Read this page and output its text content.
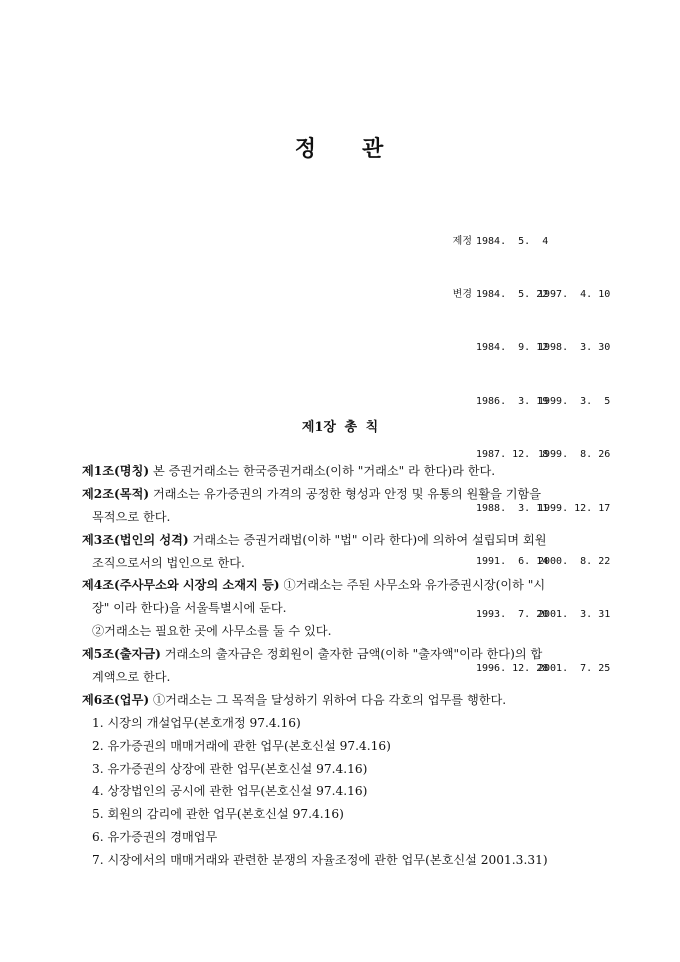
정 관

제정 1984.  5.  4

변경 1984.  5. 221997.  4. 10

1984.  9. 121998.  3. 30

1986.  3. 191999.  3.  5

1987. 12.  81999.  8. 26

1988.  3. 111999. 12. 17

1991.  6. 142000.  8. 22

1993.  7. 202001.  3. 31

1996. 12. 282001.  7. 25

제1장 총 칙
제1조(명칭) 본 증권거래소는 한국증권거래소(이하 "거래소" 라 한다)라 한다.
제2조(목적) 거래소는 유가증권의 가격의 공정한 형성과 안정 및 유통의 원활을 기함을
목적으로 한다.
제3조(법인의 성격) 거래소는 증권거래법(이하 "법" 이라 한다)에 의하여 설립되며 회원
조직으로서의 법인으로 한다.
제4조(주사무소와 시장의 소재지 등) ①거래소는 주된 사무소와 유가증권시장(이하 "시
장" 이라 한다)을 서울특별시에 둔다.
②거래소는 필요한 곳에 사무소를 둘 수 있다.
제5조(출자금) 거래소의 출자금은 정회원이 출자한 금액(이하 "출자액"이라 한다)의 합
계액으로 한다.
제6조(업무) ①거래소는 그 목적을 달성하기 위하여 다음 각호의 업무를 행한다.
1. 시장의 개설업무(본호개정 97.4.16)
2. 유가증권의 매매거래에 관한 업무(본호신설 97.4.16)
3. 유가증권의 상장에 관한 업무(본호신설 97.4.16)
4. 상장법인의 공시에 관한 업무(본호신설 97.4.16)
5. 회원의 감리에 관한 업무(본호신설 97.4.16)
6. 유가증권의 경매업무
7. 시장에서의 매매거래와 관련한 분쟁의 자율조정에 관한 업무(본호신설 2001.3.31)
